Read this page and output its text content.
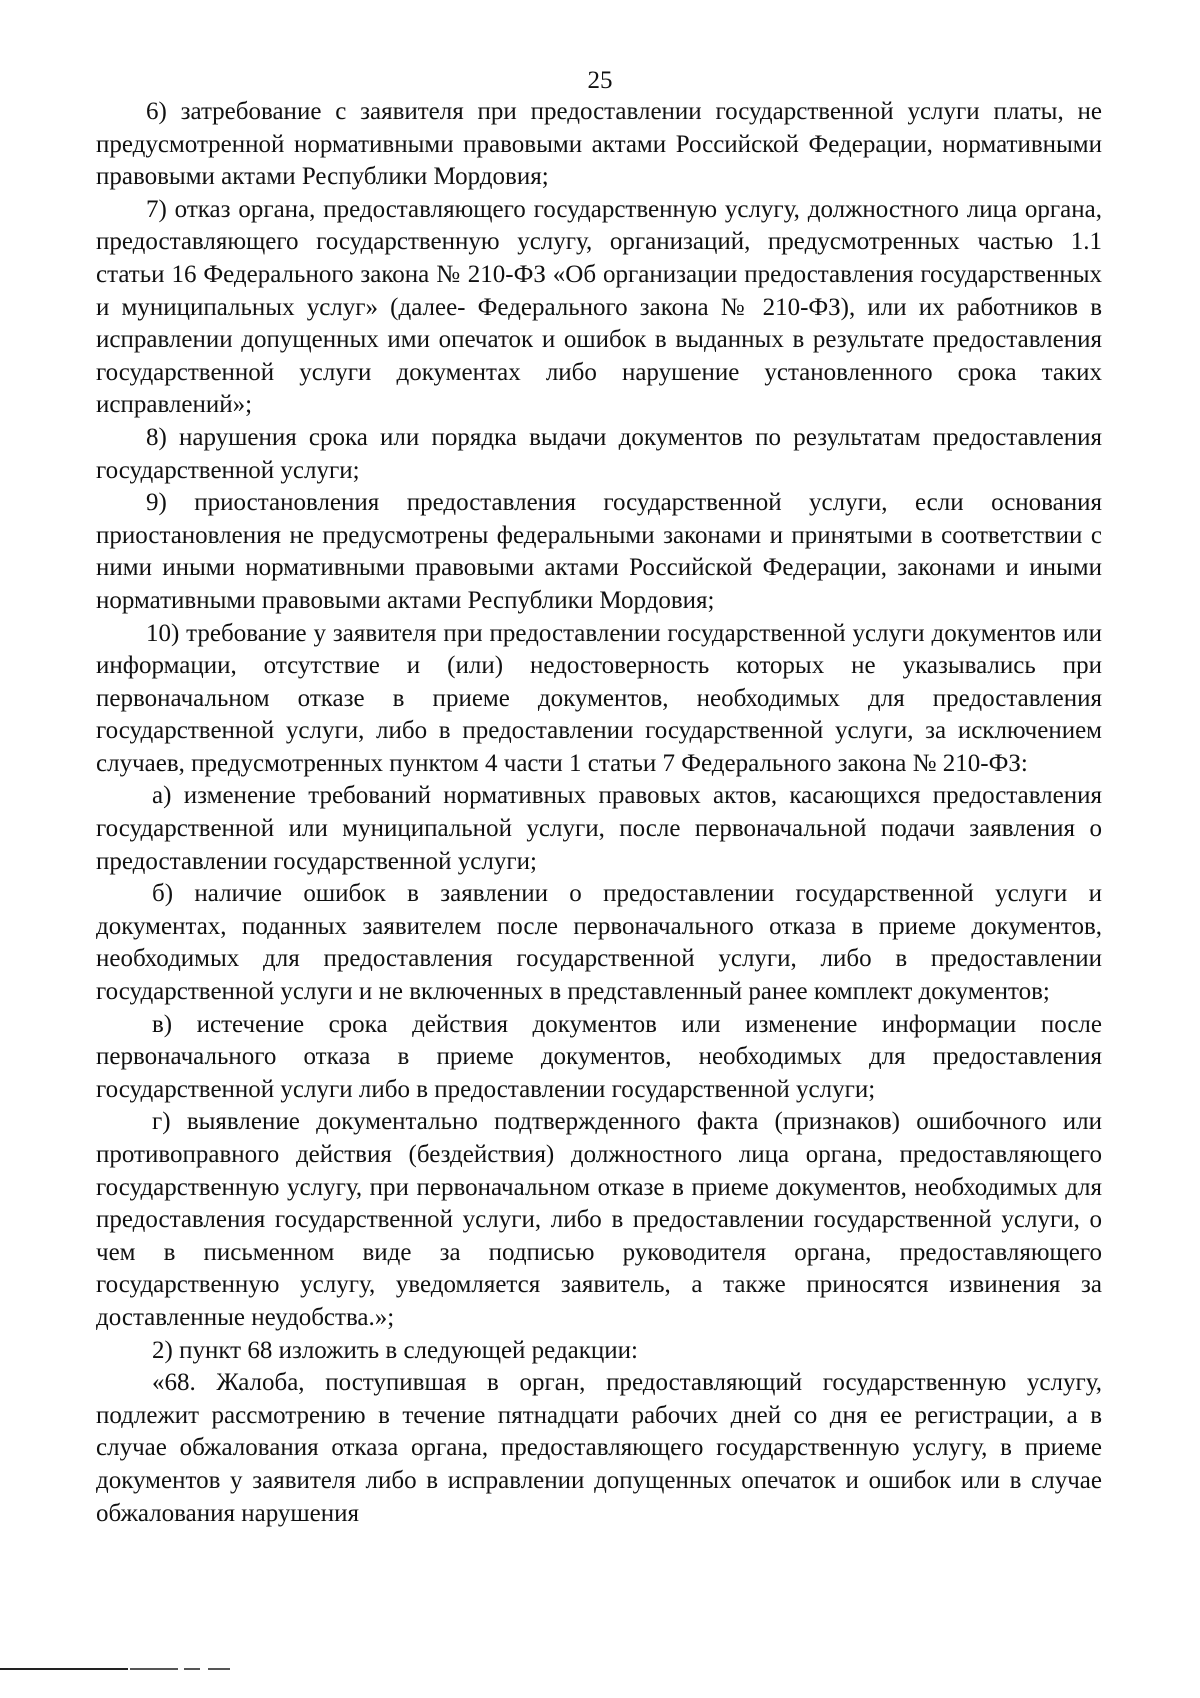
25

6) затребование с заявителя при предоставлении государственной услуги платы, не предусмотренной нормативными правовыми актами Российской Федерации, нормативными правовыми актами Республики Мордовия;

7) отказ органа, предоставляющего государственную услугу, должностного лица органа, предоставляющего государственную услугу, организаций, предусмотренных частью 1.1 статьи 16 Федерального закона № 210-ФЗ «Об организации предоставления государственных и муниципальных услуг» (далее- Федерального закона № 210-ФЗ), или их работников в исправлении допущенных ими опечаток и ошибок в выданных в результате предоставления государственной услуги документах либо нарушение установленного срока таких исправлений»;

8) нарушения срока или порядка выдачи документов по результатам предоставления государственной услуги;

9) приостановления предоставления государственной услуги, если основания приостановления не предусмотрены федеральными законами и принятыми в соответствии с ними иными нормативными правовыми актами Российской Федерации, законами и иными нормативными правовыми актами Республики Мордовия;

10) требование у заявителя при предоставлении государственной услуги документов или информации, отсутствие и (или) недостоверность которых не указывались при первоначальном отказе в приеме документов, необходимых для предоставления государственной услуги, либо в предоставлении государственной услуги, за исключением случаев, предусмотренных пунктом 4 части 1 статьи 7 Федерального закона № 210-ФЗ:

а) изменение требований нормативных правовых актов, касающихся предоставления государственной или муниципальной услуги, после первоначальной подачи заявления о предоставлении государственной услуги;

б) наличие ошибок в заявлении о предоставлении государственной услуги и документах, поданных заявителем после первоначального отказа в приеме документов, необходимых для предоставления государственной услуги, либо в предоставлении государственной услуги и не включенных в представленный ранее комплект документов;

в) истечение срока действия документов или изменение информации после первоначального отказа в приеме документов, необходимых для предоставления государственной услуги либо в предоставлении государственной услуги;

г) выявление документально подтвержденного факта (признаков) ошибочного или противоправного действия (бездействия) должностного лица органа, предоставляющего государственную услугу, при первоначальном отказе в приеме документов, необходимых для предоставления государственной услуги, либо в предоставлении государственной услуги, о чем в письменном виде за подписью руководителя органа, предоставляющего государственную услугу, уведомляется заявитель, а также приносятся извинения за доставленные неудобства.»;

2) пункт 68 изложить в следующей редакции:

«68. Жалоба, поступившая в орган, предоставляющий государственную услугу, подлежит рассмотрению в течение пятнадцати рабочих дней со дня ее регистрации, а в случае обжалования отказа органа, предоставляющего государственную услугу, в приеме документов у заявителя либо в исправлении допущенных опечаток и ошибок или в случае обжалования нарушения
